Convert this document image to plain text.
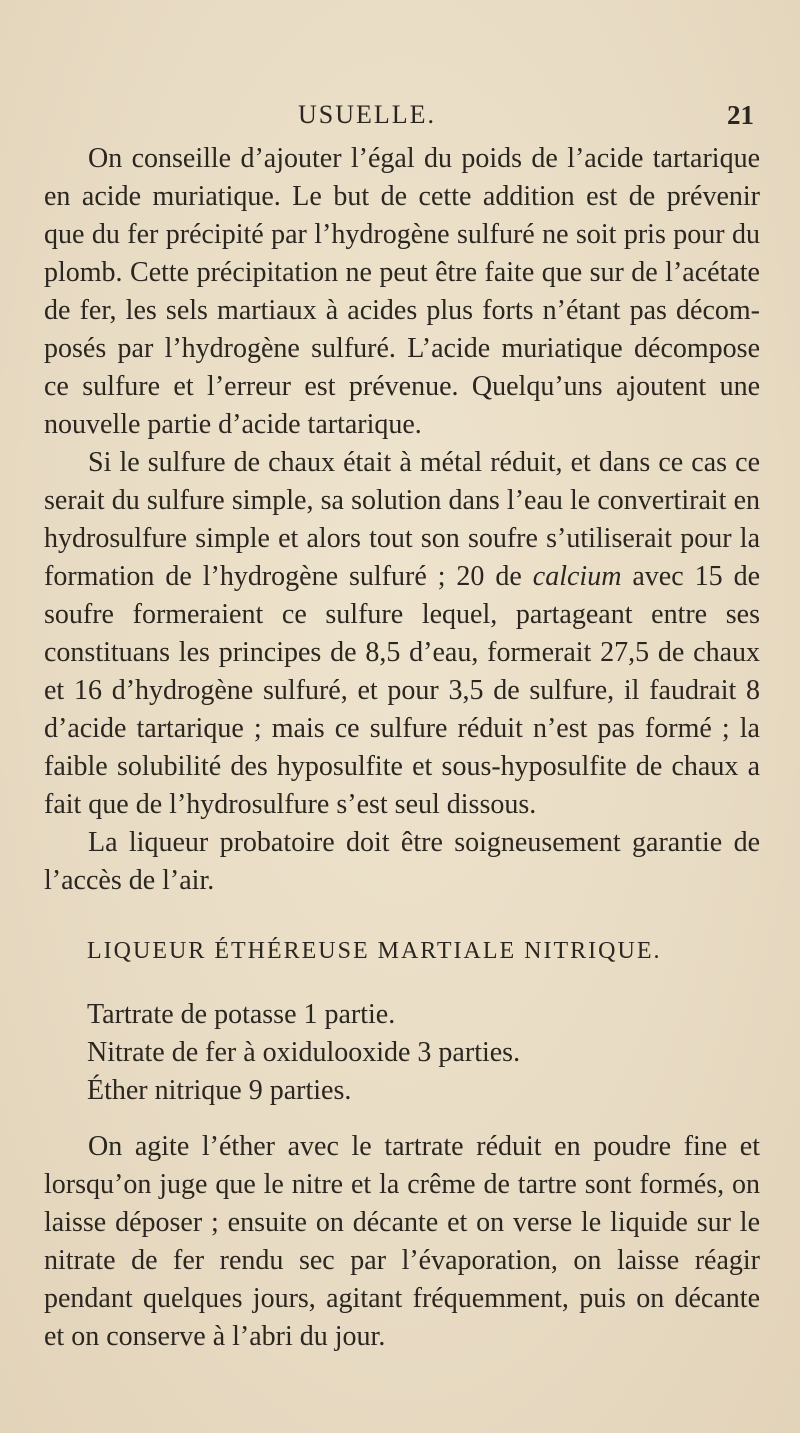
USUELLE.	21

On conseille d’ajouter l’égal du poids de l’acide tartarique en acide muriatique. Le but de cette addition est de prévenir que du fer précipité par l’hydrogène sulfuré ne soit pris pour du plomb. Cette précipitation ne peut être faite que sur de l’acétate de fer, les sels martiaux à acides plus forts n’étant pas décomposés par l’hydrogène sulfuré. L’acide muriatique décompose ce sulfure et l’erreur est prévenue. Quelqu’uns ajoutent une nouvelle partie d’acide tartarique.

Si le sulfure de chaux était à métal réduit, et dans ce cas ce serait du sulfure simple, sa solution dans l’eau le convertirait en hydrosulfure simple et alors tout son soufre s’utiliserait pour la formation de l’hydrogène sulfuré ; 20 de calcium avec 15 de soufre formeraient ce sulfure lequel, partageant entre ses constituans les principes de 8,5 d’eau, formerait 27,5 de chaux et 16 d’hydrogène sulfuré, et pour 3,5 de sulfure, il faudrait 8 d’acide tartarique ; mais ce sulfure réduit n’est pas formé ; la faible solubilité des hyposulfite et sous-hyposulfite de chaux a fait que de l’hydrosulfure s’est seul dissous.

La liqueur probatoire doit être soigneusement garantie de l’accès de l’air.

LIQUEUR ÉTHÉREUSE MARTIALE NITRIQUE.
Tartrate de potasse 1 partie.
Nitrate de fer à oxidulooxide 3 parties.
Éther nitrique 9 parties.

On agite l’éther avec le tartrate réduit en poudre fine et lorsqu’on juge que le nitre et la crême de tartre sont formés, on laisse déposer ; ensuite on décante et on verse le liquide sur le nitrate de fer rendu sec par l’évaporation, on laisse réagir pendant quelques jours, agitant fréquemment, puis on décante et on conserve à l’abri du jour.
